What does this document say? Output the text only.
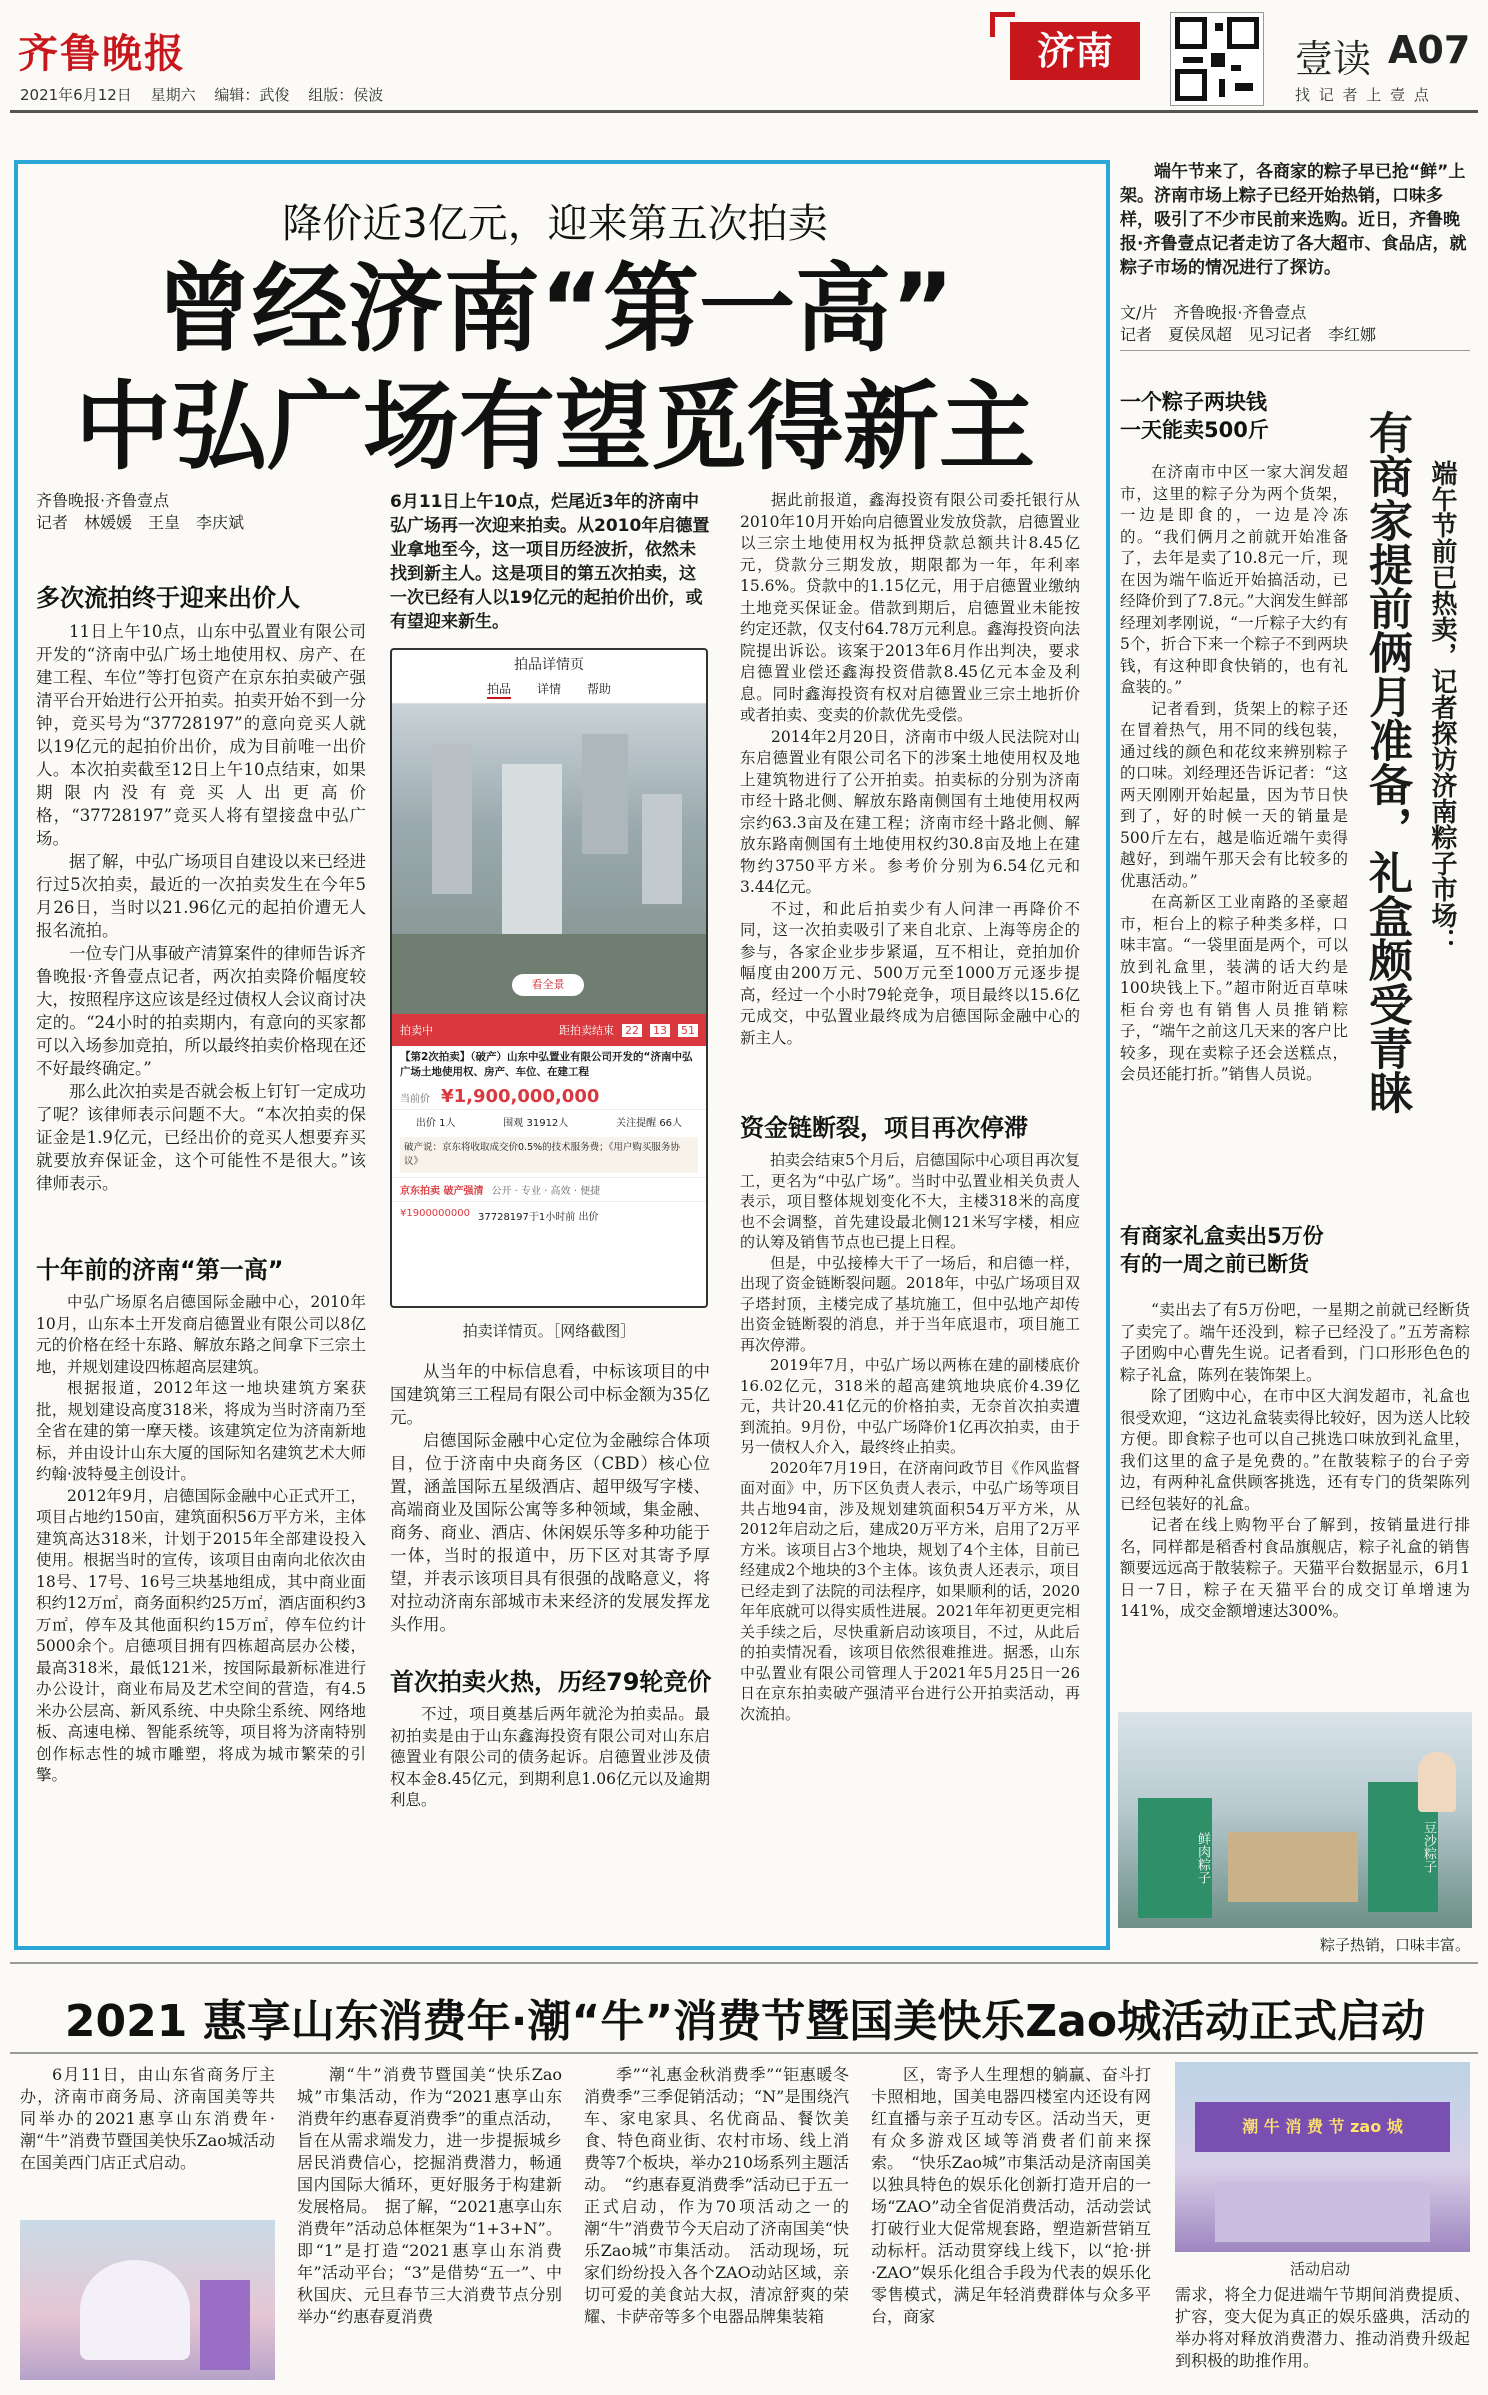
齐鲁晚报
2021年6月12日 星期六 编辑：武俊 组版：侯波
济南	壹读 A07
找 记 者 上 壹 点
降价近3亿元，迎来第五次拍卖
曾经济南“第一高”
中弘广场有望觅得新主
齐鲁晚报·齐鲁壹点
记者　林媛媛　王皇　李庆斌
6月11日上午10点，烂尾近3年的济南中弘广场再一次迎来拍卖。从2010年启德置业拿地至今，这一项目历经波折，依然未找到新主人。这是项目的第五次拍卖，这一次已经有人以19亿元的起拍价出价，或有望迎来新生。
多次流拍终于迎来出价人

11日上午10点，山东中弘置业有限公司开发的“济南中弘广场土地使用权、房产、在建工程、车位”等打包资产在京东拍卖破产强清平台开始进行公开拍卖。拍卖开始不到一分钟，竞买号为“37728197”的意向竞买人就以19亿元的起拍价出价，成为目前唯一出价人。本次拍卖截至12日上午10点结束，如果期限内没有竞买人出更高价格，“37728197”竞买人将有望接盘中弘广场。

据了解，中弘广场项目自建设以来已经进行过5次拍卖，最近的一次拍卖发生在今年5月26日，当时以21.96亿元的起拍价遭无人报名流拍。

一位专门从事破产清算案件的律师告诉齐鲁晚报·齐鲁壹点记者，两次拍卖降价幅度较大，按照程序这应该是经过债权人会议商讨决定的。“24小时的拍卖期内，有意向的买家都可以入场参加竞拍，所以最终拍卖价格现在还不好最终确定。”

那么此次拍卖是否就会板上钉钉一定成功了呢？该律师表示问题不大。“本次拍卖的保证金是1.9亿元，已经出价的竞买人想要弃买就要放弃保证金，这个可能性不是很大。”该律师表示。

十年前的济南“第一高”

中弘广场原名启德国际金融中心，2010年10月，山东本土开发商启德置业有限公司以8亿元的价格在经十东路、解放东路之间拿下三宗土地，并规划建设四栋超高层建筑。

根据报道，2012年这一地块建筑方案获批，规划建设高度318米，将成为当时济南乃至全省在建的第一摩天楼。该建筑定位为济南新地标，并由设计山东大厦的国际知名建筑艺术大师约翰·波特曼主创设计。

2012年9月，启德国际金融中心正式开工，项目占地约150亩，建筑面积56万平方米，主体建筑高达318米，计划于2015年全部建设投入使用。根据当时的宣传，该项目由南向北依次由18号、17号、16号三块基地组成，其中商业面积约12万㎡，商务面积约25万㎡，酒店面积约3万㎡，停车及其他面积约15万㎡，停车位约计5000余个。启德项目拥有四栋超高层办公楼，最高318米，最低121米，按国际最新标准进行办公设计，商业布局及艺术空间的营造，有4.5米办公层高、新风系统、中央除尘系统、网络地板、高速电梯、智能系统等，项目将为济南特别创作标志性的城市雕塑，将成为城市繁荣的引擎。

拍品详情页
拍品 详情 帮助
看全景
拍卖中	距拍卖结束 22 13 51
【第2次拍卖】（破产）山东中弘置业有限公司开发的“济南中弘广场土地使用权、房产、车位、在建工程
当前价 ¥1,900,000,000
出价 1人	围观 31912人	关注提醒 66人
破产说：京东将收取成交价0.5%的技术服务费；《用户购买服务协议》
京东拍卖 破产强清 公开 · 专业 · 高效 · 便捷
¥1900000000 37728197于1小时前 出价
拍卖详情页。［网络截图］

从当年的中标信息看，中标该项目的中国建筑第三工程局有限公司中标金额为35亿元。

启德国际金融中心定位为金融综合体项目，位于济南中央商务区（CBD）核心位置，涵盖国际五星级酒店、超甲级写字楼、高端商业及国际公寓等多种领域，集金融、商务、商业、酒店、休闲娱乐等多种功能于一体，当时的报道中，历下区对其寄予厚望，并表示该项目具有很强的战略意义，将对拉动济南东部城市未来经济的发展发挥龙头作用。

首次拍卖火热，历经79轮竞价

不过，项目奠基后两年就沦为拍卖品。最初拍卖是由于山东鑫海投资有限公司对山东启德置业有限公司的债务起诉。启德置业涉及债权本金8.45亿元，到期利息1.06亿元以及逾期利息。

据此前报道，鑫海投资有限公司委托银行从2010年10月开始向启德置业发放贷款，启德置业以三宗土地使用权为抵押贷款总额共计8.45亿元，贷款分三期发放，期限都为一年，年利率15.6%。贷款中的1.15亿元，用于启德置业缴纳土地竞买保证金。借款到期后，启德置业未能按约定还款，仅支付64.78万元利息。鑫海投资向法院提出诉讼。该案于2013年6月作出判决，要求启德置业偿还鑫海投资借款8.45亿元本金及利息。同时鑫海投资有权对启德置业三宗土地折价或者拍卖、变卖的价款优先受偿。

2014年2月20日，济南市中级人民法院对山东启德置业有限公司名下的涉案土地使用权及地上建筑物进行了公开拍卖。拍卖标的分别为济南市经十路北侧、解放东路南侧国有土地使用权两宗约63.3亩及在建工程；济南市经十路北侧、解放东路南侧国有土地使用权约30.8亩及地上在建物约3750平方米。参考价分别为6.54亿元和3.44亿元。

不过，和此后拍卖少有人问津一再降价不同，这一次拍卖吸引了来自北京、上海等房企的参与，各家企业步步紧逼，互不相让，竞拍加价幅度由200万元、500万元至1000万元逐步提高，经过一个小时79轮竞争，项目最终以15.6亿元成交，中弘置业最终成为启德国际金融中心的新主人。

资金链断裂，项目再次停滞

拍卖会结束5个月后，启德国际中心项目再次复工，更名为“中弘广场”。当时中弘置业相关负责人表示，项目整体规划变化不大，主楼318米的高度也不会调整，首先建设最北侧121米写字楼，相应的认筹及销售节点也已提上日程。

但是，中弘接棒大干了一场后，和启德一样，出现了资金链断裂问题。2018年，中弘广场项目双子塔封顶，主楼完成了基坑施工，但中弘地产却传出资金链断裂的消息，并于当年底退市，项目施工再次停滞。

2019年7月，中弘广场以两栋在建的副楼底价16.02亿元，318米的超高建筑地块底价4.39亿元，共计20.41亿元的价格拍卖，无奈首次拍卖遭到流拍。9月份，中弘广场降价1亿再次拍卖，由于另一债权人介入，最终终止拍卖。

2020年7月19日，在济南问政节目《作风监督面对面》中，历下区负责人表示，中弘广场等项目共占地94亩，涉及规划建筑面积54万平方米，从2012年启动之后，建成20万平方米，启用了2万平方米。该项目占3个地块，规划了4个主体，目前已经建成2个地块的3个主体。该负责人还表示，项目已经走到了法院的司法程序，如果顺利的话，2020年年底就可以得实质性进展。2021年年初更更完相关手续之后，尽快重新启动该项目，不过，从此后的拍卖情况看，该项目依然很难推进。据悉，山东中弘置业有限公司管理人于2021年5月25日一26日在京东拍卖破产强清平台进行公开拍卖活动，再次流拍。

端午节来了，各商家的粽子早已抢“鲜”上架。济南市场上粽子已经开始热销，口味多样，吸引了不少市民前来选购。近日，齐鲁晚报·齐鲁壹点记者走访了各大超市、食品店，就粽子市场的情况进行了探访。
文/片　齐鲁晚报·齐鲁壹点
记者　夏侯凤超　见习记者　李红娜
一个粽子两块钱
一天能卖500斤
端午节前已热卖，记者探访济南粽子市场：
有商家提前俩月准备，礼盒颇受青睐

在济南市中区一家大润发超市，这里的粽子分为两个货架，一边是即食的，一边是冷冻的。“我们俩月之前就开始准备了，去年是卖了10.8元一斤，现在因为端午临近开始搞活动，已经降价到了7.8元。”大润发生鲜部经理刘孝刚说，“一斤粽子大约有5个，折合下来一个粽子不到两块钱，有这种即食快销的，也有礼盒装的。”

记者看到，货架上的粽子还在冒着热气，用不同的线包装，通过线的颜色和花纹来辨别粽子的口味。刘经理还告诉记者：“这两天刚刚开始起量，因为节日快到了，好的时候一天的销量是500斤左右，越是临近端午卖得越好，到端午那天会有比较多的优惠活动。”

在高新区工业南路的圣豪超市，柜台上的粽子种类多样，口味丰富。“一袋里面是两个，可以放到礼盒里，装满的话大约是100块钱上下。”超市附近百草味柜台旁也有销售人员推销粽子，“端午之前这几天来的客户比较多，现在卖粽子还会送糕点，会员还能打折。”销售人员说。

有商家礼盒卖出5万份
有的一周之前已断货

“卖出去了有5万份吧，一星期之前就已经断货了卖完了。端午还没到，粽子已经没了。”五芳斋粽子团购中心曹先生说。记者看到，门口形形色色的粽子礼盒，陈列在装饰架上。

除了团购中心，在市中区大润发超市，礼盒也很受欢迎，“这边礼盒装卖得比较好，因为送人比较方便。即食粽子也可以自己挑选口味放到礼盒里，我们这里的盒子是免费的。”在散装粽子的台子旁边，有两种礼盒供顾客挑选，还有专门的货架陈列已经包装好的礼盒。

记者在线上购物平台了解到，按销量进行排名，同样都是稻香村食品旗舰店，粽子礼盒的销售额要远远高于散装粽子。天猫平台数据显示，6月1日一7日，粽子在天猫平台的成交订单增速为141%，成交金额增速达300%。

鲜肉粽子	豆沙粽子
粽子热销，口味丰富。
2021 惠享山东消费年·潮“牛”消费节暨国美快乐Zao城活动正式启动

6月11日，由山东省商务厅主办，济南市商务局、济南国美等共同举办的2021惠享山东消费年·潮“牛”消费节暨国美快乐Zao城活动在国美西门店正式启动。

潮“牛”消费节暨国美“快乐Zao城”市集活动，作为“2021惠享山东消费年约惠春夏消费季”的重点活动，旨在从需求端发力，进一步提振城乡居民消费信心，挖掘消费潜力，畅通国内国际大循环，更好服务于构建新发展格局。　据了解，“2021惠享山东消费年”活动总体框架为“1+3+N”。即“1”是打造“2021惠享山东消费年”活动平台；“3”是借势“五一”、中秋国庆、元旦春节三大消费节点分别举办“约惠春夏消费

季”“礼惠金秋消费季”“钜惠暖冬消费季”三季促销活动；“N”是围绕汽车、家电家具、名优商品、餐饮美食、特色商业街、农村市场、线上消费等7个板块，举办210场系列主题活动。　“约惠春夏消费季”活动已于五一正式启动，作为70项活动之一的潮“牛”消费节今天启动了济南国美“快乐Zao城”市集活动。　活动现场，玩家们纷纷投入各个ZAO动站区域，亲切可爱的美食站大叔，清凉舒爽的荣耀、卡萨帝等多个电器品牌集装箱

区，寄予人生理想的躺赢、奋斗打卡照相地，国美电器四楼室内还设有网红直播与亲子互动专区。活动当天，更有众多游戏区域等消费者们前来探索。　“快乐Zao城”市集活动是济南国美以独具特色的娱乐化创新打造开启的一场“ZAO”动全省促消费活动，活动尝试打破行业大促常规套路，塑造新营销互动标杆。活动贯穿线上线下，以“抢·拼·ZAO”娱乐化组合手段为代表的娱乐化零售模式，满足年轻消费群体与众多平台，商家

潮 牛 消 费 节 zao 城
活动启动

需求，将全力促进端午节期间消费提质、扩容，变大促为真正的娱乐盛典，活动的举办将对释放消费潜力、推动消费升级起到积极的助推作用。
